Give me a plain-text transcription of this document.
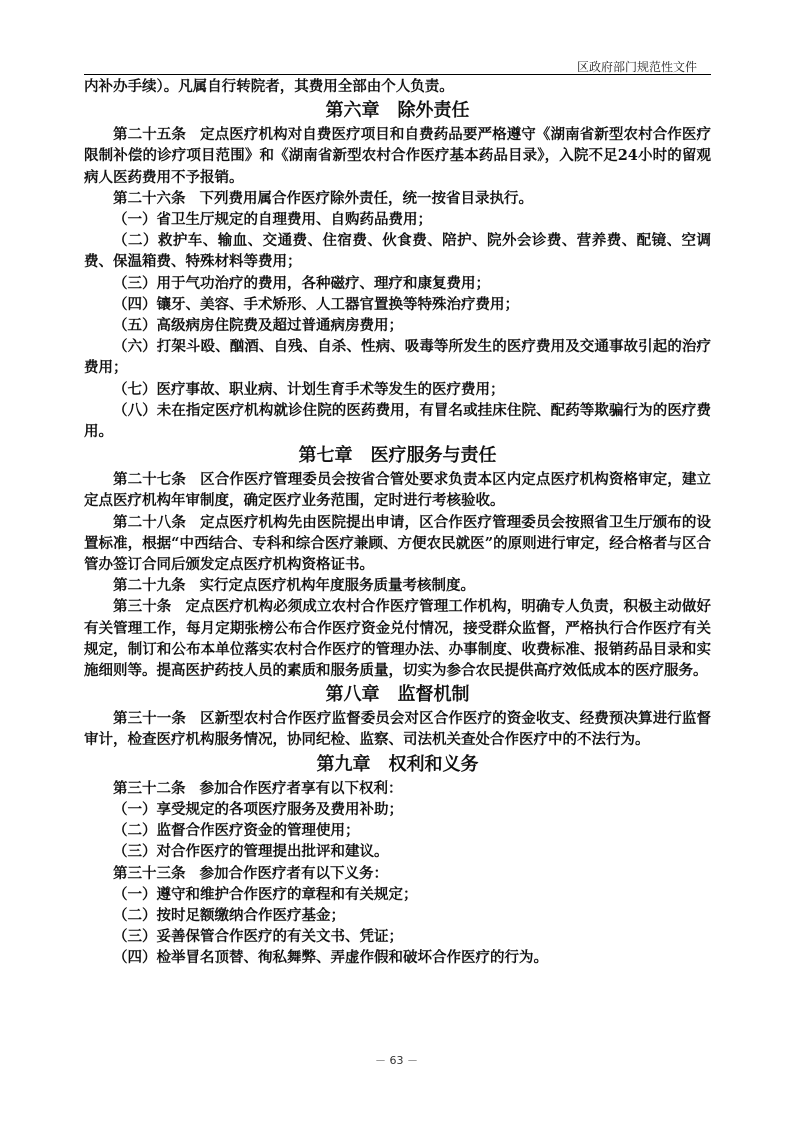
区政府部门规范性文件

内补办手续）。凡属自行转院者，其费用全部由个人负责。

第六章 除外责任

第二十五条 定点医疗机构对自费医疗项目和自费药品要严格遵守《湖南省新型农村合作医疗限制补偿的诊疗项目范围》和《湖南省新型农村合作医疗基本药品目录》，入院不足24小时的留观病人医药费用不予报销。

第二十六条 下列费用属合作医疗除外责任，统一按省目录执行。

（一）省卫生厅规定的自理费用、自购药品费用；

（二）救护车、输血、交通费、住宿费、伙食费、陪护、院外会诊费、营养费、配镜、空调费、保温箱费、特殊材料等费用；

（三）用于气功治疗的费用，各种磁疗、理疗和康复费用；

（四）镶牙、美容、手术矫形、人工器官置换等特殊治疗费用；

（五）高级病房住院费及超过普通病房费用；

（六）打架斗殴、酗酒、自残、自杀、性病、吸毒等所发生的医疗费用及交通事故引起的治疗费用；

（七）医疗事故、职业病、计划生育手术等发生的医疗费用；

（八）未在指定医疗机构就诊住院的医药费用，有冒名或挂床住院、配药等欺骗行为的医疗费用。

第七章 医疗服务与责任

第二十七条 区合作医疗管理委员会按省合管处要求负责本区内定点医疗机构资格审定，建立定点医疗机构年审制度，确定医疗业务范围，定时进行考核验收。

第二十八条 定点医疗机构先由医院提出申请，区合作医疗管理委员会按照省卫生厅颁布的设置标准，根据“中西结合、专科和综合医疗兼顾、方便农民就医”的原则进行审定，经合格者与区合管办签订合同后颁发定点医疗机构资格证书。

第二十九条 实行定点医疗机构年度服务质量考核制度。

第三十条 定点医疗机构必须成立农村合作医疗管理工作机构，明确专人负责，积极主动做好有关管理工作，每月定期张榜公布合作医疗资金兑付情况，接受群众监督，严格执行合作医疗有关规定，制订和公布本单位落实农村合作医疗的管理办法、办事制度、收费标准、报销药品目录和实施细则等。提高医护药技人员的素质和服务质量，切实为参合农民提供高疗效低成本的医疗服务。

第八章 监督机制

第三十一条 区新型农村合作医疗监督委员会对区合作医疗的资金收支、经费预决算进行监督审计，检查医疗机构服务情况，协同纪检、监察、司法机关查处合作医疗中的不法行为。

第九章 权利和义务

第三十二条 参加合作医疗者享有以下权利：

（一）享受规定的各项医疗服务及费用补助；

（二）监督合作医疗资金的管理使用；

（三）对合作医疗的管理提出批评和建议。

第三十三条 参加合作医疗者有以下义务：

（一）遵守和维护合作医疗的章程和有关规定；

（二）按时足额缴纳合作医疗基金；

（三）妥善保管合作医疗的有关文书、凭证；

（四）检举冒名顶替、徇私舞弊、弄虚作假和破坏合作医疗的行为。

－ 63 －
